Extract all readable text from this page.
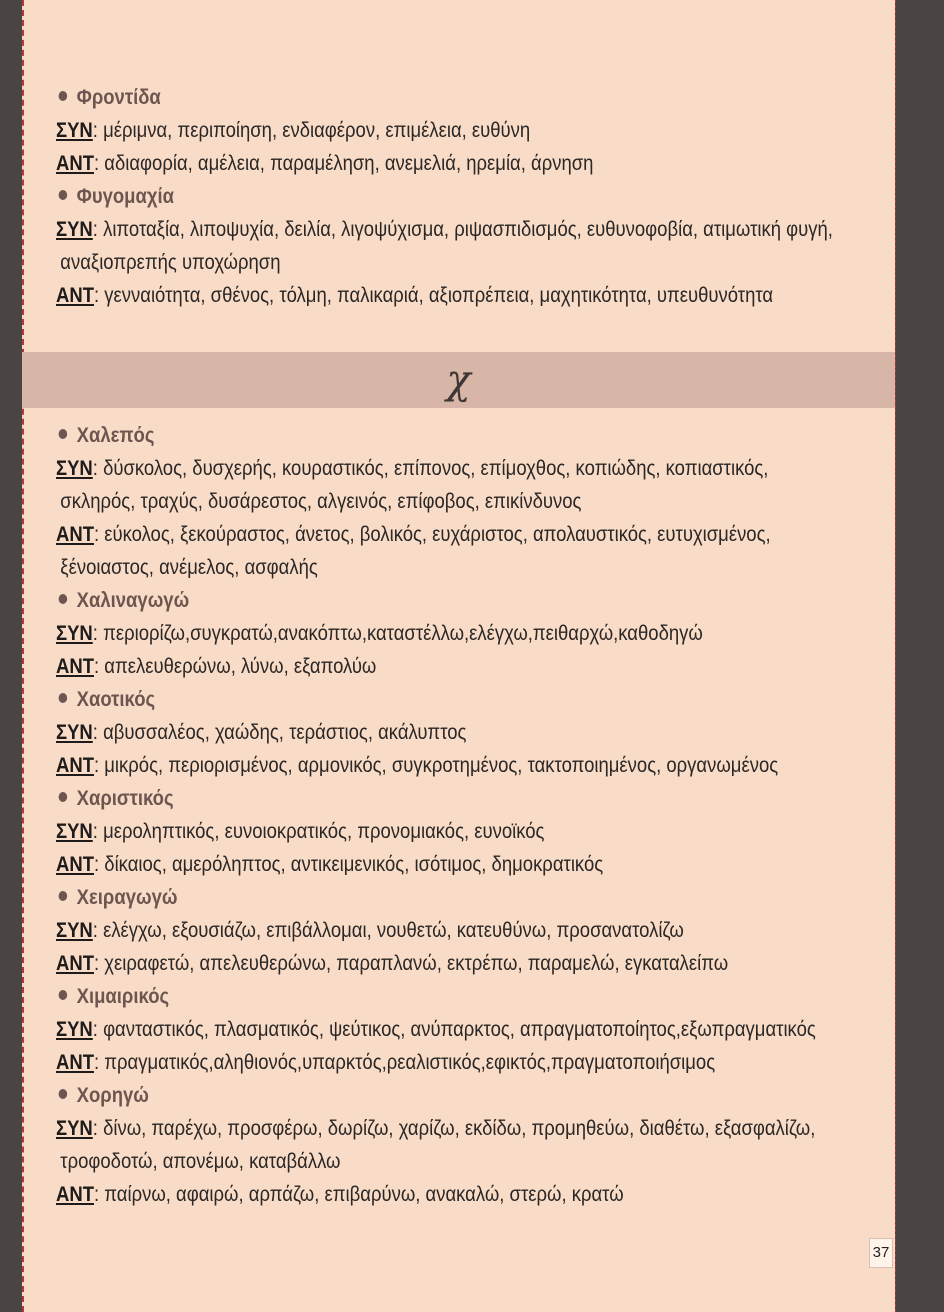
Φροντίδα
ΣΥΝ: μέριμνα, περιποίηση, ενδιαφέρον, επιμέλεια, ευθύνη
ΑΝΤ: αδιαφορία, αμέλεια, παραμέληση, ανεμελιά, ηρεμία, άρνηση
Φυγομαχία
ΣΥΝ: λιποταξία, λιποψυχία, δειλία, λιγοψύχισμα, ριψασπιδισμός, ευθυνοφοβία, ατιμωτική φυγή,
αναξιοπρεπής υποχώρηση
ΑΝΤ: γενναιότητα, σθένος, τόλμη, παλικαριά, αξιοπρέπεια, μαχητικότητα, υπευθυνότητα
χ
Χαλεπός
ΣΥΝ: δύσκολος, δυσχερής, κουραστικός, επίπονος, επίμοχθος, κοπιώδης, κοπιαστικός,
σκληρός, τραχύς, δυσάρεστος, αλγεινός, επίφοβος, επικίνδυνος
ΑΝΤ: εύκολος, ξεκούραστος, άνετος, βολικός, ευχάριστος, απολαυστικός, ευτυχισμένος,
ξένοιαστος, ανέμελος, ασφαλής
Χαλιναγωγώ
ΣΥΝ: περιορίζω,συγκρατώ,ανακόπτω,καταστέλλω,ελέγχω,πειθαρχώ,καθοδηγώ
ΑΝΤ: απελευθερώνω, λύνω, εξαπολύω
Χαοτικός
ΣΥΝ: αβυσσαλέος, χαώδης, τεράστιος, ακάλυπτος
ΑΝΤ: μικρός, περιορισμένος, αρμονικός, συγκροτημένος, τακτοποιημένος, οργανωμένος
Χαριστικός
ΣΥΝ: μεροληπτικός, ευνοιοκρατικός, προνομιακός, ευνοϊκός
ΑΝΤ: δίκαιος, αμερόληπτος, αντικειμενικός, ισότιμος, δημοκρατικός
Χειραγωγώ
ΣΥΝ: ελέγχω, εξουσιάζω, επιβάλλομαι, νουθετώ, κατευθύνω, προσανατολίζω
ΑΝΤ: χειραφετώ, απελευθερώνω, παραπλανώ, εκτρέπω, παραμελώ, εγκαταλείπω
Χιμαιρικός
ΣΥΝ: φανταστικός, πλασματικός, ψεύτικος, ανύπαρκτος, απραγματοποίητος,εξωπραγματικός
ΑΝΤ: πραγματικός,αληθιονός,υπαρκτός,ρεαλιστικός,εφικτός,πραγματοποιήσιμος
Χορηγώ
ΣΥΝ: δίνω, παρέχω, προσφέρω, δωρίζω, χαρίζω, εκδίδω, προμηθεύω, διαθέτω, εξασφαλίζω,
τροφοδοτώ, απονέμω, καταβάλλω
ΑΝΤ: παίρνω, αφαιρώ, αρπάζω, επιβαρύνω, ανακαλώ, στερώ, κρατώ
37
